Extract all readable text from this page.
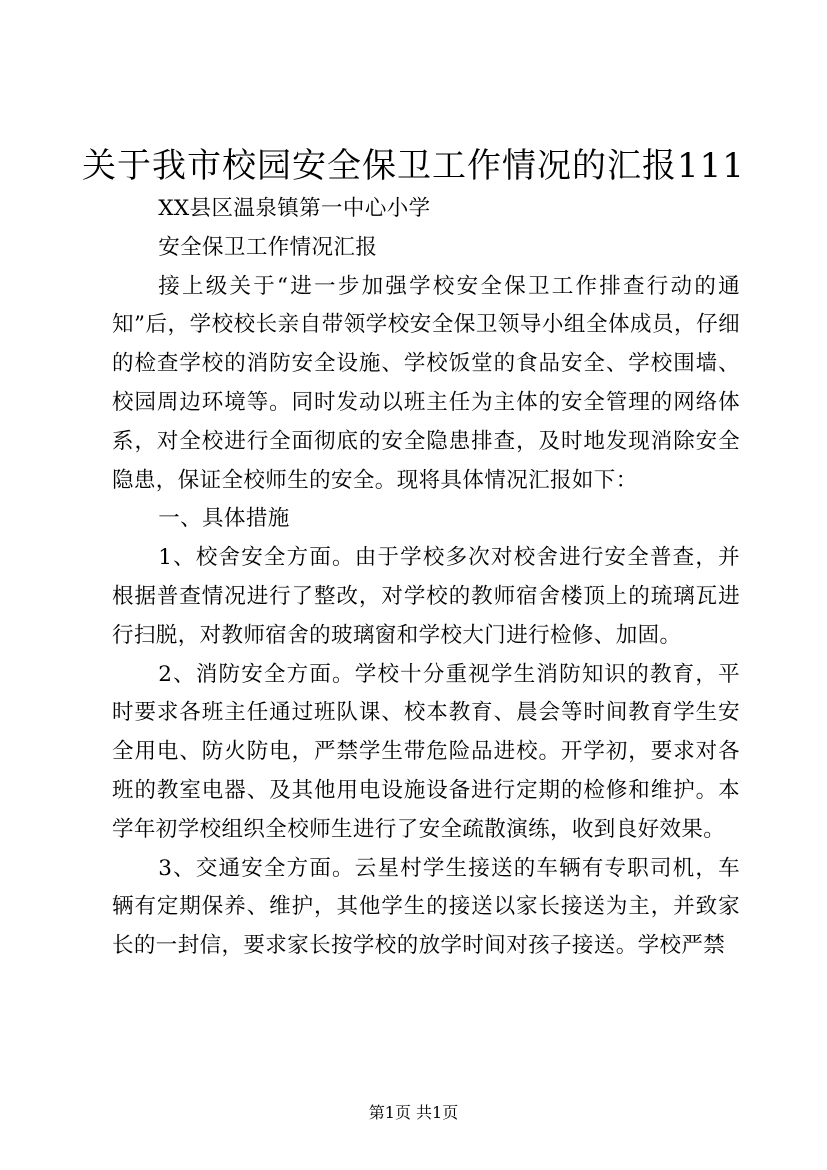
关于我市校园安全保卫工作情况的汇报111

XX县区温泉镇第一中心小学

安全保卫工作情况汇报

接上级关于“进一步加强学校安全保卫工作排查行动的通知”后，学校校长亲自带领学校安全保卫领导小组全体成员，仔细的检查学校的消防安全设施、学校饭堂的食品安全、学校围墙、校园周边环境等。同时发动以班主任为主体的安全管理的网络体系，对全校进行全面彻底的安全隐患排查，及时地发现消除安全隐患，保证全校师生的安全。现将具体情况汇报如下：

一、具体措施

1、校舍安全方面。由于学校多次对校舍进行安全普查，并根据普查情况进行了整改，对学校的教师宿舍楼顶上的琉璃瓦进行扫脱，对教师宿舍的玻璃窗和学校大门进行检修、加固。

2、消防安全方面。学校十分重视学生消防知识的教育，平时要求各班主任通过班队课、校本教育、晨会等时间教育学生安全用电、防火防电，严禁学生带危险品进校。开学初，要求对各班的教室电器、及其他用电设施设备进行定期的检修和维护。本学年初学校组织全校师生进行了安全疏散演练，收到良好效果。

3、交通安全方面。云星村学生接送的车辆有专职司机，车辆有定期保养、维护，其他学生的接送以家长接送为主，并致家长的一封信，要求家长按学校的放学时间对孩子接送。学校严禁

第1页 共1页
